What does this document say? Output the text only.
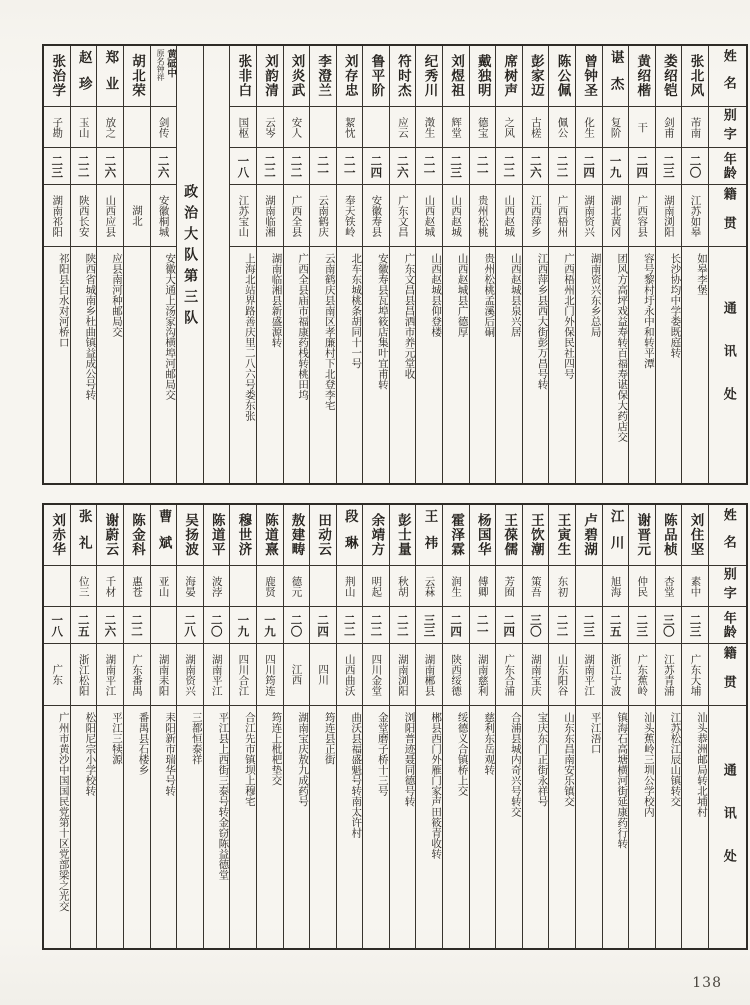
姓名
别字
年龄
籍贯
通讯处
张北风
芾南
二〇
江苏如皋
如皋李堡
娄绍铠
剑甫
二三
湖南浏阳
长沙协均中学娄既庭转
黄绍楷
干
二四
广西容县
容号黎村圩永中和转平潭
谌杰
复阶
一九
湖北黄冈
团风方高坪戏益寿转百福寿谌保大药店交
曾钟圣
化生
二四
湖南资兴
湖南资兴东乡总局
陈公佩
佩公
二二
广西梧州
广西梧州北门外保民社四号
彭家迈
古槎
二六
江西萍乡
江西萍乡县西大街彭万昌号转
席树声
之风
二二
山西赵城
山西赵城县泉兴居
戴独明
德宝
二一
贵州松桃
贵州松桃孟溪后硐
刘煜祖
辉堂
二三
山西赵城
山西赵城县广德厚
纪秀川
澂生
二一
山西赵城
山西赵城县仰登楼
符时杰
应云
二六
广东文昌
广东文昌县昌洒市养元堂收
鲁平阶
二四
安徽寿县
安徽寿县瓦埠筱店集叶宜甫转
刘存忠
絜忱
二一
奉天铁岭
北车东城桃条胡同十一号
李澄兰
二一
云南鹤庆
云南鹤庆县南区孝廉村下北登李宅
刘炎武
安人
二二
广西全县
广西全县庙市福康药栈转桃田坞
刘韵清
云岑
二二
湖南临湘
湖南临湘县新盛源转
张非白
国枢
一八
江苏宝山
上海北站界路善庆里二八六号娄东张
政治大队第三队
黄砥中
原名钟祥
剑传
二六
安徽桐城
安徽大通上汤家沟横埠河邮局交
胡北荣
湖北
郑业
放之
二六
山西应县
应县南河种邮局交
赵珍
玉山
二二
陕西长安
陕西省城南乡杜曲镇益成公号转
张治学
子勘
二三
湖南祁阳
祁阳县白水对河桥口
姓名
别字
年龄
籍贯
通讯处
刘住坚
素中
二三
广东大埔
汕头恭洲邮局转北埔村
陈品桢
杏堂
三〇
江苏青浦
江苏松江辰山镇转交
谢晋元
仲民
二三
广东蕉岭
汕头蕉岭三圳公学校内
江川
旭海
二五
浙江宁波
镇海石高塘横河街延康药行转
卢碧湖
二三
湖南平江
平江浯口
王寅生
东初
二二
山东阳谷
山东东昌南安乐镇交
王饮潮
策吾
三〇
湖南宝庆
宝庆东门正街永祥号
王葆儒
芳囿
二四
广东合浦
合浦县城内奇兴号转交
杨国华
傅卿
二一
湖南慈利
慈利东岳观转
霍泽霖
润生
二四
陕西绥德
绥德义合镇桥上交
王祎
云菻
三三
湖南郴县
郴县西门外雁门家声田筱青收转
彭士量
秋胡
二二
湖南浏阳
浏阳普迹聂同德号转
余靖方
明起
二二
四川金堂
金堂磨子桥十三号
段琳
荆山
二二
山西曲沃
曲沃县福盛魁号转南太许村
田动云
二四
四川
筠连县正街
敖建畴
德元
二〇
江西
湖南宝庆敖九成药号
陈道熹
鹿贤
一九
四川筠连
筠连上枇杷垫交
穆世济
一九
四川合江
合江先市镇坝上穆宅
陈道平
波浡
二〇
湖南平江
平江县上西街三泰号转金窃陈益德堂
吴扬波
海晏
二八
湖南资兴
三都恒泰祥
曹斌
亚山
湖南耒阳
耒阳新市瑞华号转
陈金科
惠苍
二二
广东番禺
番禺县石楼乡
谢蔚云
千材
二六
湖南平江
平江三犊源
张礼
位三
二五
浙江松阳
松阳尼宗小学校转
刘赤华
一八
广东
广州市黄沙中国国民党第十区党部梁之光交
138
